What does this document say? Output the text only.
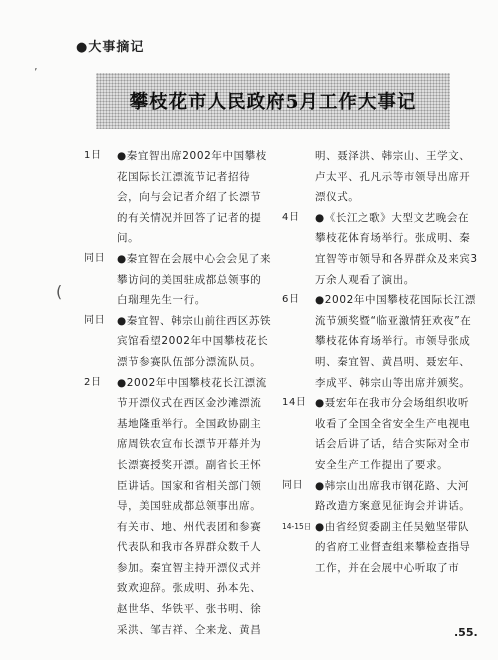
●大事摘记
攀枝花市人民政府5月工作大事记
ʼ
(
1日 ●秦宜智出席2002年中国攀枝花国际长江漂流节记者招待会，向与会记者介绍了长漂节的有关情况并回答了记者的提问。
同日 ●秦宜智在会展中心会会见了来攀访问的美国驻成都总领事的白瑞理先生一行。
同日 ●秦宜智、韩宗山前往西区苏铁宾馆看望2002年中国攀枝花长漂节参赛队伍部分漂流队员。
2日 ●2002年中国攀枝花长江漂流节开漂仪式在西区金沙滩漂流基地隆重举行。全国政协副主席周铁农宣布长漂节开幕并为长漂赛授奖开漂。副省长王怀臣讲话。国家和省相关部门领导，美国驻成都总领事出席。有关市、地、州代表团和参赛代表队和我市各界群众数千人参加。秦宜智主持开漂仪式并致欢迎辞。张成明、孙本先、赵世华、华铁平、张书明、徐采洪、邹吉祥、仝来龙、黄昌
明、聂泽洪、韩宗山、王学文、卢太平、孔凡示等市领导出席开漂仪式。
4日 ●《长江之歌》大型文艺晚会在攀枝花体育场举行。张成明、秦宜智等市领导和各界群众及来宾3万余人观看了演出。
6日 ●2002年中国攀枝花国际长江漂流节颁奖暨“临亚激情狂欢夜”在攀枝花体育场举行。市领导张成明、秦宜智、黄昌明、聂宏年、李成平、韩宗山等出席并颁奖。
14日 ●聂宏年在我市分会场组织收听收看了全国全省安全生产电视电话会后讲了话，结合实际对全市安全生产工作提出了要求。
同日 ●韩宗山出席我市钢花路、大河路改造方案意见征询会并讲话。
14-15日 ●由省经贸委副主任吴勉坚带队的省府工业督查组来攀检查指导工作，并在会展中心听取了市
.55.
